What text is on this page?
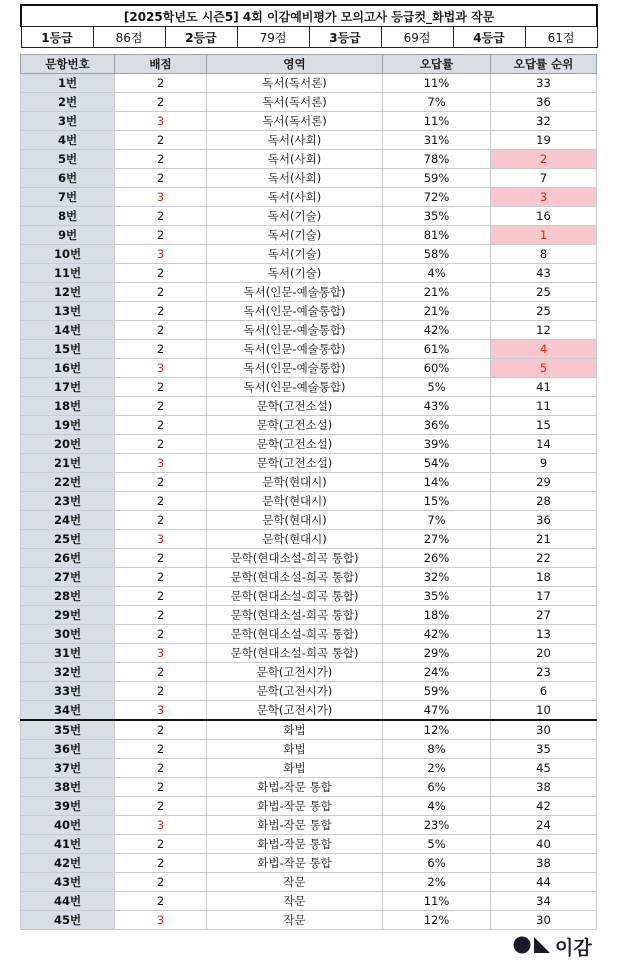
[2025학년도 시즌5] 4회 이감예비평가 모의고사 등급컷_화법과 작문
1등급	86점	2등급	79점	3등급	69점	4등급	61점
문항번호	배점	영역	오답률	오답률 순위
1번	2	독서(독서론)	11%	33
2번	2	독서(독서론)	7%	36
3번	3	독서(독서론)	11%	32
4번	2	독서(사회)	31%	19
5번	2	독서(사회)	78%	2
6번	2	독서(사회)	59%	7
7번	3	독서(사회)	72%	3
8번	2	독서(기술)	35%	16
9번	2	독서(기술)	81%	1
10번	3	독서(기술)	58%	8
11번	2	독서(기술)	4%	43
12번	2	독서(인문-예술통합)	21%	25
13번	2	독서(인문-예술통합)	21%	25
14번	2	독서(인문-예술통합)	42%	12
15번	2	독서(인문-예술통합)	61%	4
16번	3	독서(인문-예술통합)	60%	5
17번	2	독서(인문-예술통합)	5%	41
18번	2	문학(고전소설)	43%	11
19번	2	문학(고전소설)	36%	15
20번	2	문학(고전소설)	39%	14
21번	3	문학(고전소설)	54%	9
22번	2	문학(현대시)	14%	29
23번	2	문학(현대시)	15%	28
24번	2	문학(현대시)	7%	36
25번	3	문학(현대시)	27%	21
26번	2	문학(현대소설-희곡 통합)	26%	22
27번	2	문학(현대소설-희곡 통합)	32%	18
28번	2	문학(현대소설-희곡 통합)	35%	17
29번	2	문학(현대소설-희곡 통합)	18%	27
30번	2	문학(현대소설-희곡 통합)	42%	13
31번	3	문학(현대소설-희곡 통합)	29%	20
32번	2	문학(고전시가)	24%	23
33번	2	문학(고전시가)	59%	6
34번	3	문학(고전시가)	47%	10
35번	2	화법	12%	30
36번	2	화법	8%	35
37번	2	화법	2%	45
38번	2	화법-작문 통합	6%	38
39번	2	화법-작문 통합	4%	42
40번	3	화법-작문 통합	23%	24
41번	2	화법-작문 통합	5%	40
42번	2	화법-작문 통합	6%	38
43번	2	작문	2%	44
44번	2	작문	11%	34
45번	3	작문	12%	30
이감
